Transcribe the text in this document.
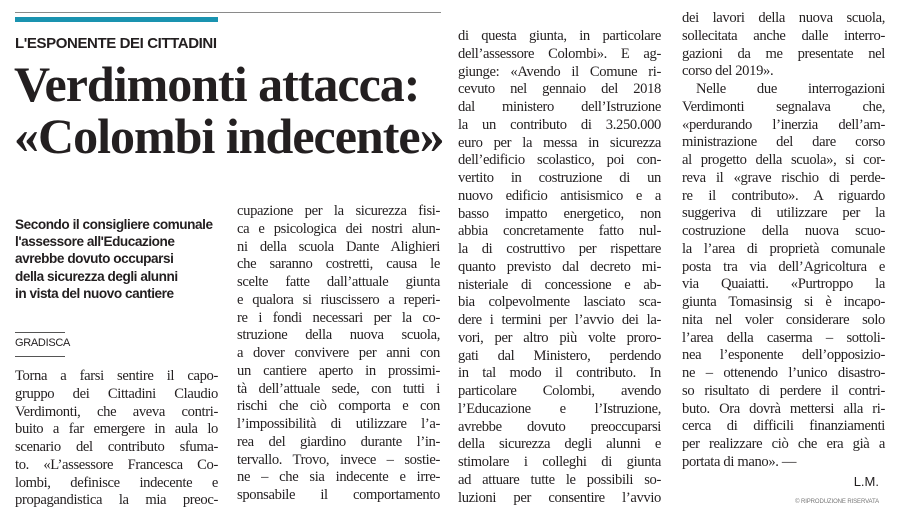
L'ESPONENTE DEI CITTADINI
Verdimonti attacca:
«Colombi indecente»
Secondo il consigliere comunale
l'assessore all'Educazione
avrebbe dovuto occuparsi
della sicurezza degli alunni
in vista del nuovo cantiere
GRADISCA
Torna a farsi sentire il capo-
gruppo dei Cittadini Claudio
Verdimonti, che aveva contri-
buito a far emergere in aula lo
scenario del contributo sfuma-
to. «L’assessore Francesca Co-
lombi, definisce indecente e
propagandistica la mia preoc-
cupazione per la sicurezza fisi-
ca e psicologica dei nostri alun-
ni della scuola Dante Alighieri
che saranno costretti, causa le
scelte fatte dall’attuale giunta
e qualora si riuscissero a reperi-
re i fondi necessari per la co-
struzione della nuova scuola,
a dover convivere per anni con
un cantiere aperto in prossimi-
tà dell’attuale sede, con tutti i
rischi che ciò comporta e con
l’impossibilità di utilizzare l’a-
rea del giardino durante l’in-
tervallo. Trovo, invece – sostie-
ne – che sia indecente e irre-
sponsabile il comportamento
di questa giunta, in particolare
dell’assessore Colombi». E ag-
giunge: «Avendo il Comune ri-
cevuto nel gennaio del 2018
dal ministero dell’Istruzione
la un contributo di 3.250.000
euro per la messa in sicurezza
dell’edificio scolastico, poi con-
vertito in costruzione di un
nuovo edificio antisismico e a
basso impatto energetico, non
abbia concretamente fatto nul-
la di costruttivo per rispettare
quanto previsto dal decreto mi-
nisteriale di concessione e ab-
bia colpevolmente lasciato sca-
dere i termini per l’avvio dei la-
vori, per altro più volte proro-
gati dal Ministero, perdendo
in tal modo il contributo. In
particolare Colombi, avendo
l’Educazione e l’Istruzione,
avrebbe dovuto preoccuparsi
della sicurezza degli alunni e
stimolare i colleghi di giunta
ad attuare tutte le possibili so-
luzioni per consentire l’avvio
dei lavori della nuova scuola,
sollecitata anche dalle interro-
gazioni da me presentate nel
corso del 2019».
Nelle due interrogazioni
Verdimonti segnalava che,
«perdurando l’inerzia dell’am-
ministrazione del dare corso
al progetto della scuola», si cor-
reva il «grave rischio di perde-
re il contributo». A riguardo
suggeriva di utilizzare per la
costruzione della nuova scuo-
la l’area di proprietà comunale
posta tra via dell’Agricoltura e
via Quaiatti. «Purtroppo la
giunta Tomasinsig si è incapo-
nita nel voler considerare solo
l’area della caserma – sottoli-
nea l’esponente dell’opposizio-
ne – ottenendo l’unico disastro-
so risultato di perdere il contri-
buto. Ora dovrà mettersi alla ri-
cerca di difficili finanziamenti
per realizzare ciò che era già a
portata di mano». —
L.M.
© RIPRODUZIONE RISERVATA
